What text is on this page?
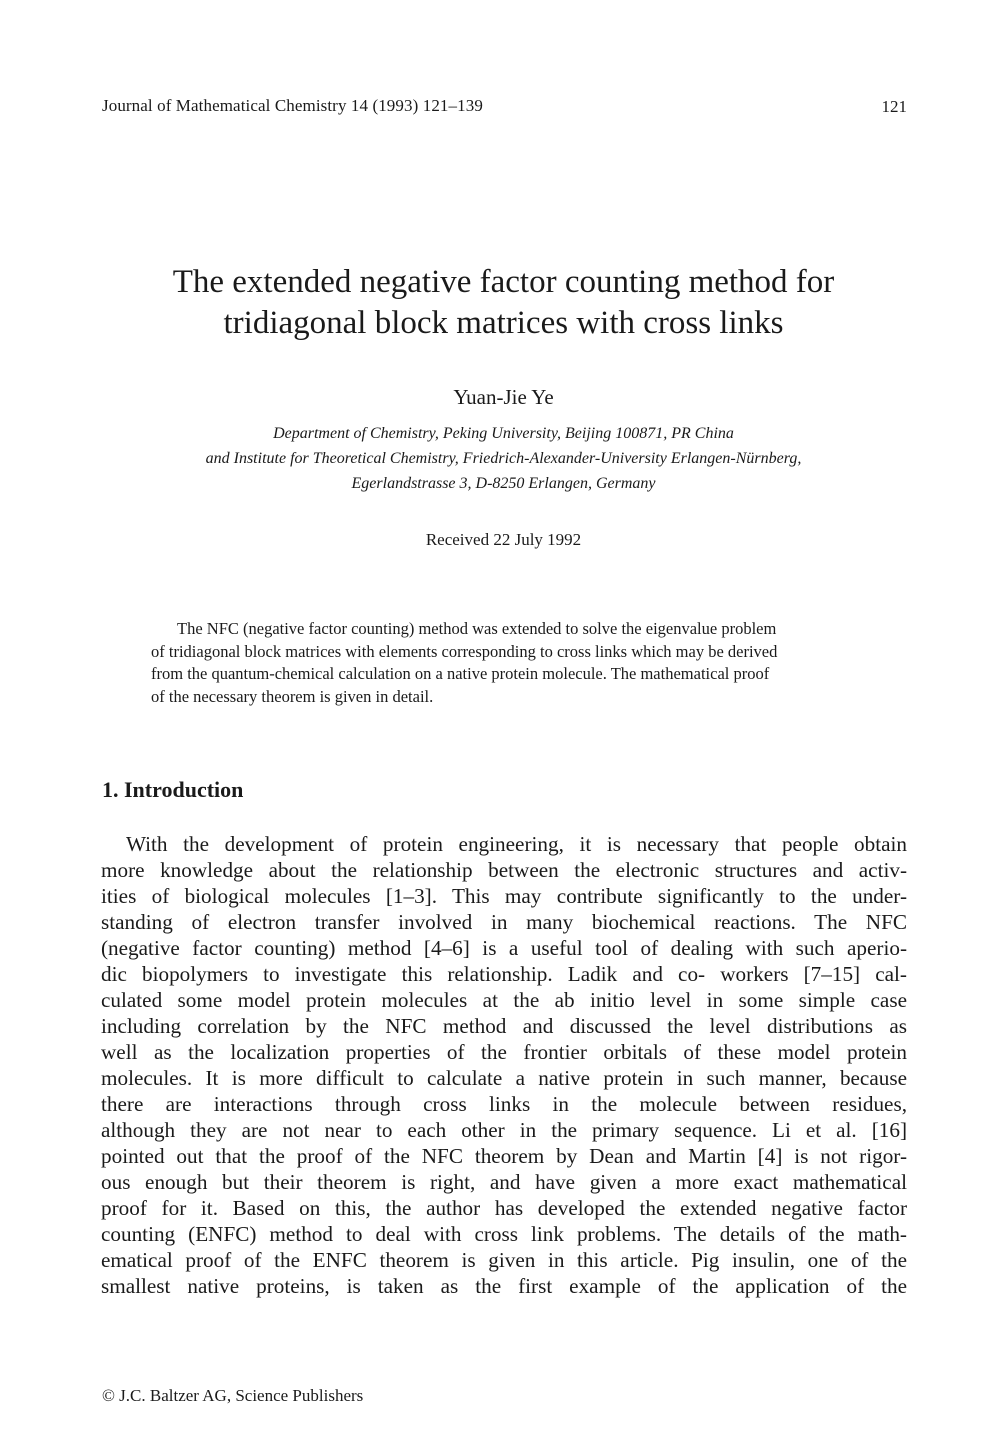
Journal of Mathematical Chemistry 14 (1993) 121–139	121
The extended negative factor counting method for
tridiagonal block matrices with cross links
Yuan-Jie Ye
Department of Chemistry, Peking University, Beijing 100871, PR China
and Institute for Theoretical Chemistry, Friedrich-Alexander-University Erlangen-Nürnberg,
Egerlandstrasse 3, D-8250 Erlangen, Germany
Received 22 July 1992

The NFC (negative factor counting) method was extended to solve the eigenvalue problem
of tridiagonal block matrices with elements corresponding to cross links which may be derived
from the quantum-chemical calculation on a native protein molecule. The mathematical proof
of the necessary theorem is given in detail.

1. Introduction
With the development of protein engineering, it is necessary that people obtain
more knowledge about the relationship between the electronic structures and activ-
ities of biological molecules [1–3]. This may contribute significantly to the under-
standing of electron transfer involved in many biochemical reactions. The NFC
(negative factor counting) method [4–6] is a useful tool of dealing with such aperio-
dic biopolymers to investigate this relationship. Ladik and co- workers [7–15] cal-
culated some model protein molecules at the ab initio level in some simple case
including correlation by the NFC method and discussed the level distributions as
well as the localization properties of the frontier orbitals of these model protein
molecules. It is more difficult to calculate a native protein in such manner, because
there are interactions through cross links in the molecule between residues,
although they are not near to each other in the primary sequence. Li et al. [16]
pointed out that the proof of the NFC theorem by Dean and Martin [4] is not rigor-
ous enough but their theorem is right, and have given a more exact mathematical
proof for it. Based on this, the author has developed the extended negative factor
counting (ENFC) method to deal with cross link problems. The details of the math-
ematical proof of the ENFC theorem is given in this article. Pig insulin, one of the
smallest native proteins, is taken as the first example of the application of the
© J.C. Baltzer AG, Science Publishers
